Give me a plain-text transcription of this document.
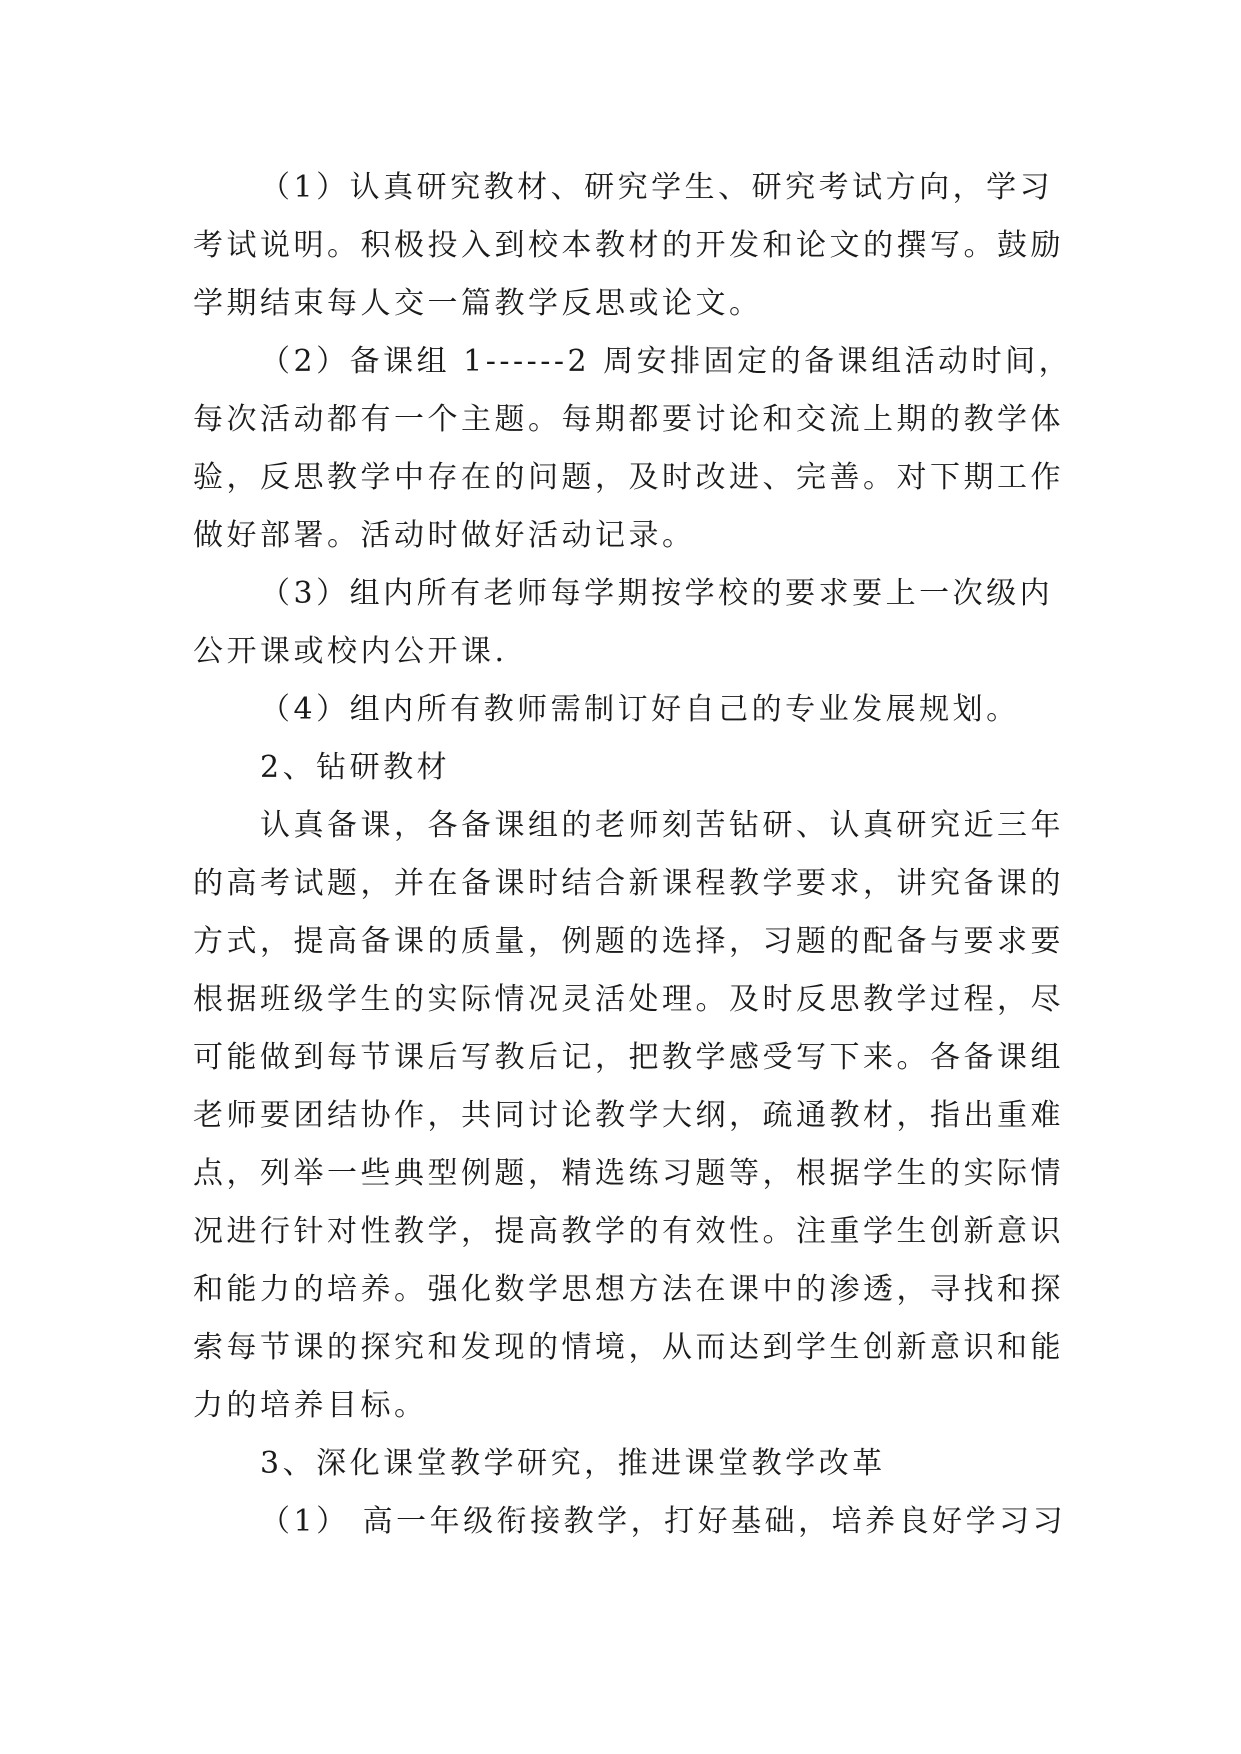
（1）认真研究教材、研究学生、研究考试方向，学习
考试说明。积极投入到校本教材的开发和论文的撰写。鼓励
学期结束每人交一篇教学反思或论文。
（2）备课组 1------2 周安排固定的备课组活动时间，
每次活动都有一个主题。每期都要讨论和交流上期的教学体
验，反思教学中存在的问题，及时改进、完善。对下期工作
做好部署。活动时做好活动记录。
（3）组内所有老师每学期按学校的要求要上一次级内
公开课或校内公开课.
（4）组内所有教师需制订好自己的专业发展规划。
2、钻研教材
认真备课，各备课组的老师刻苦钻研、认真研究近三年
的高考试题，并在备课时结合新课程教学要求，讲究备课的
方式，提高备课的质量，例题的选择，习题的配备与要求要
根据班级学生的实际情况灵活处理。及时反思教学过程，尽
可能做到每节课后写教后记，把教学感受写下来。各备课组
老师要团结协作，共同讨论教学大纲，疏通教材，指出重难
点，列举一些典型例题，精选练习题等，根据学生的实际情
况进行针对性教学，提高教学的有效性。注重学生创新意识
和能力的培养。强化数学思想方法在课中的渗透，寻找和探
索每节课的探究和发现的情境，从而达到学生创新意识和能
力的培养目标。
3、深化课堂教学研究，推进课堂教学改革
（1） 高一年级衔接教学，打好基础，培养良好学习习
